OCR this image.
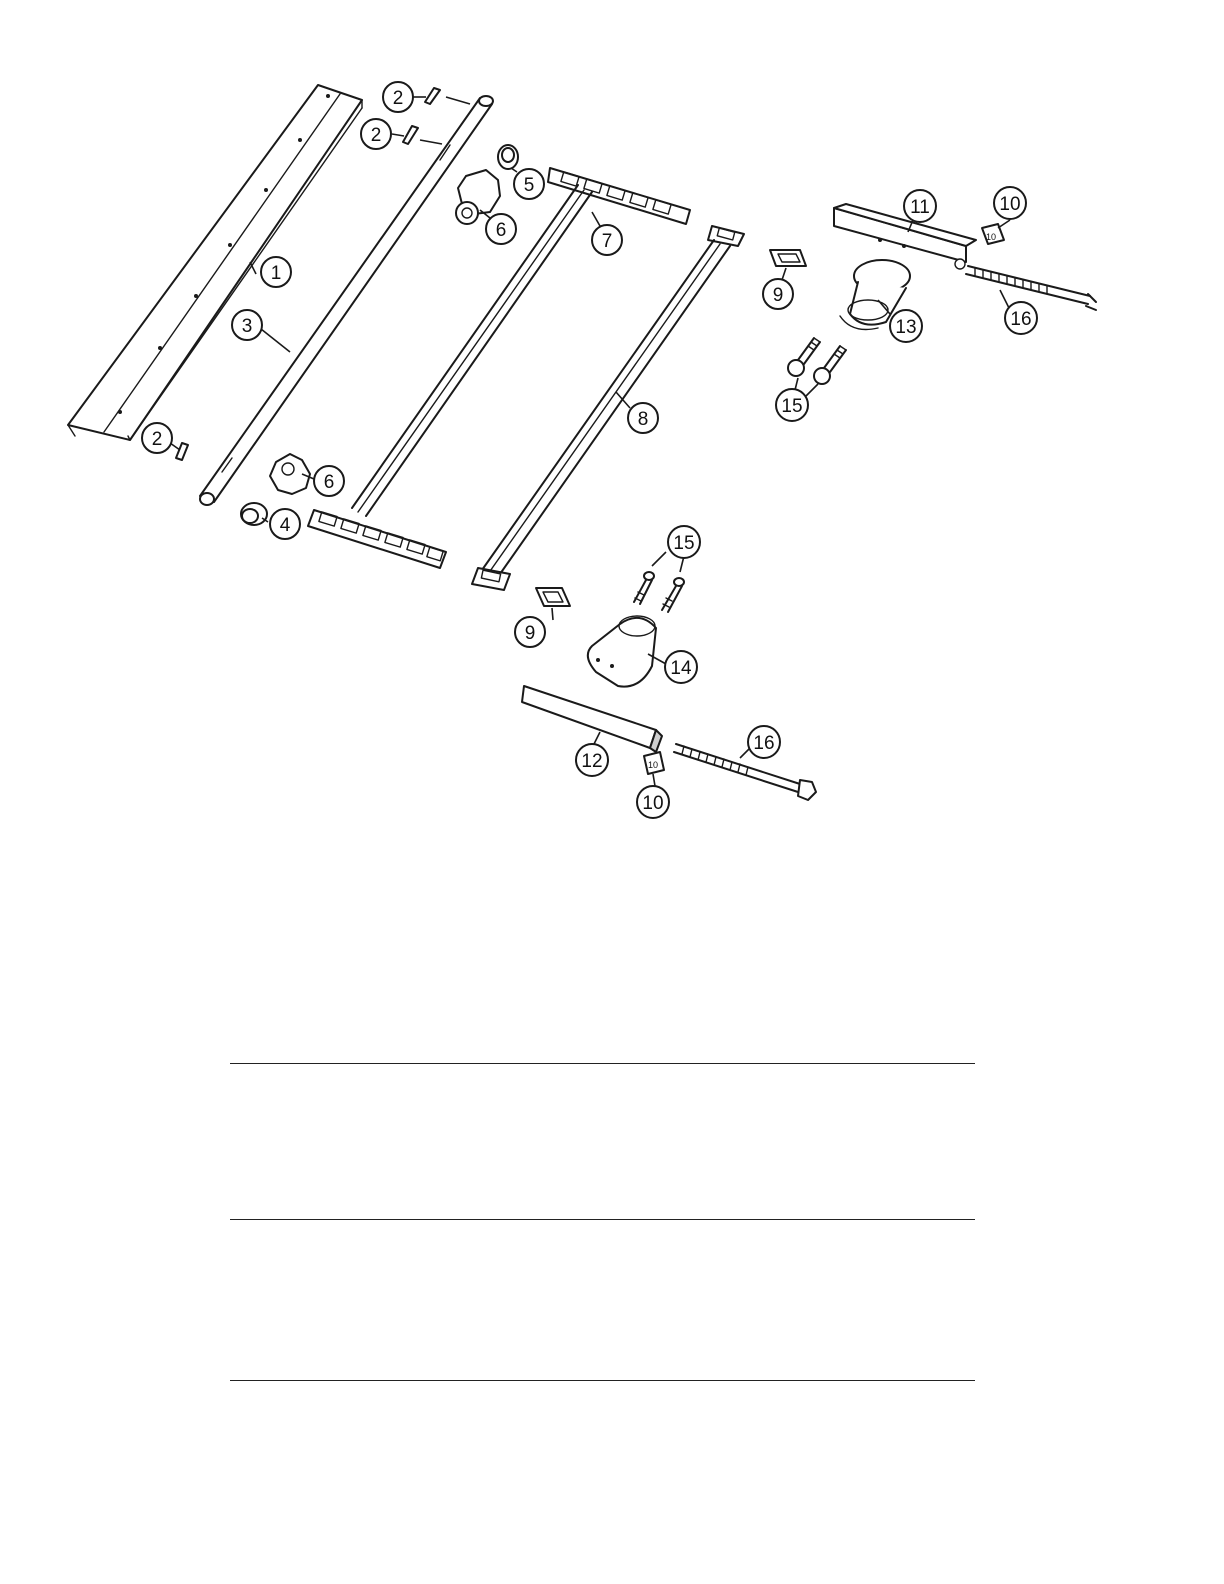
10
10
1
2
2
2
3
4
5
6
6
7
8
9
9
10
10
11
12
13
14
15
15
16
16
